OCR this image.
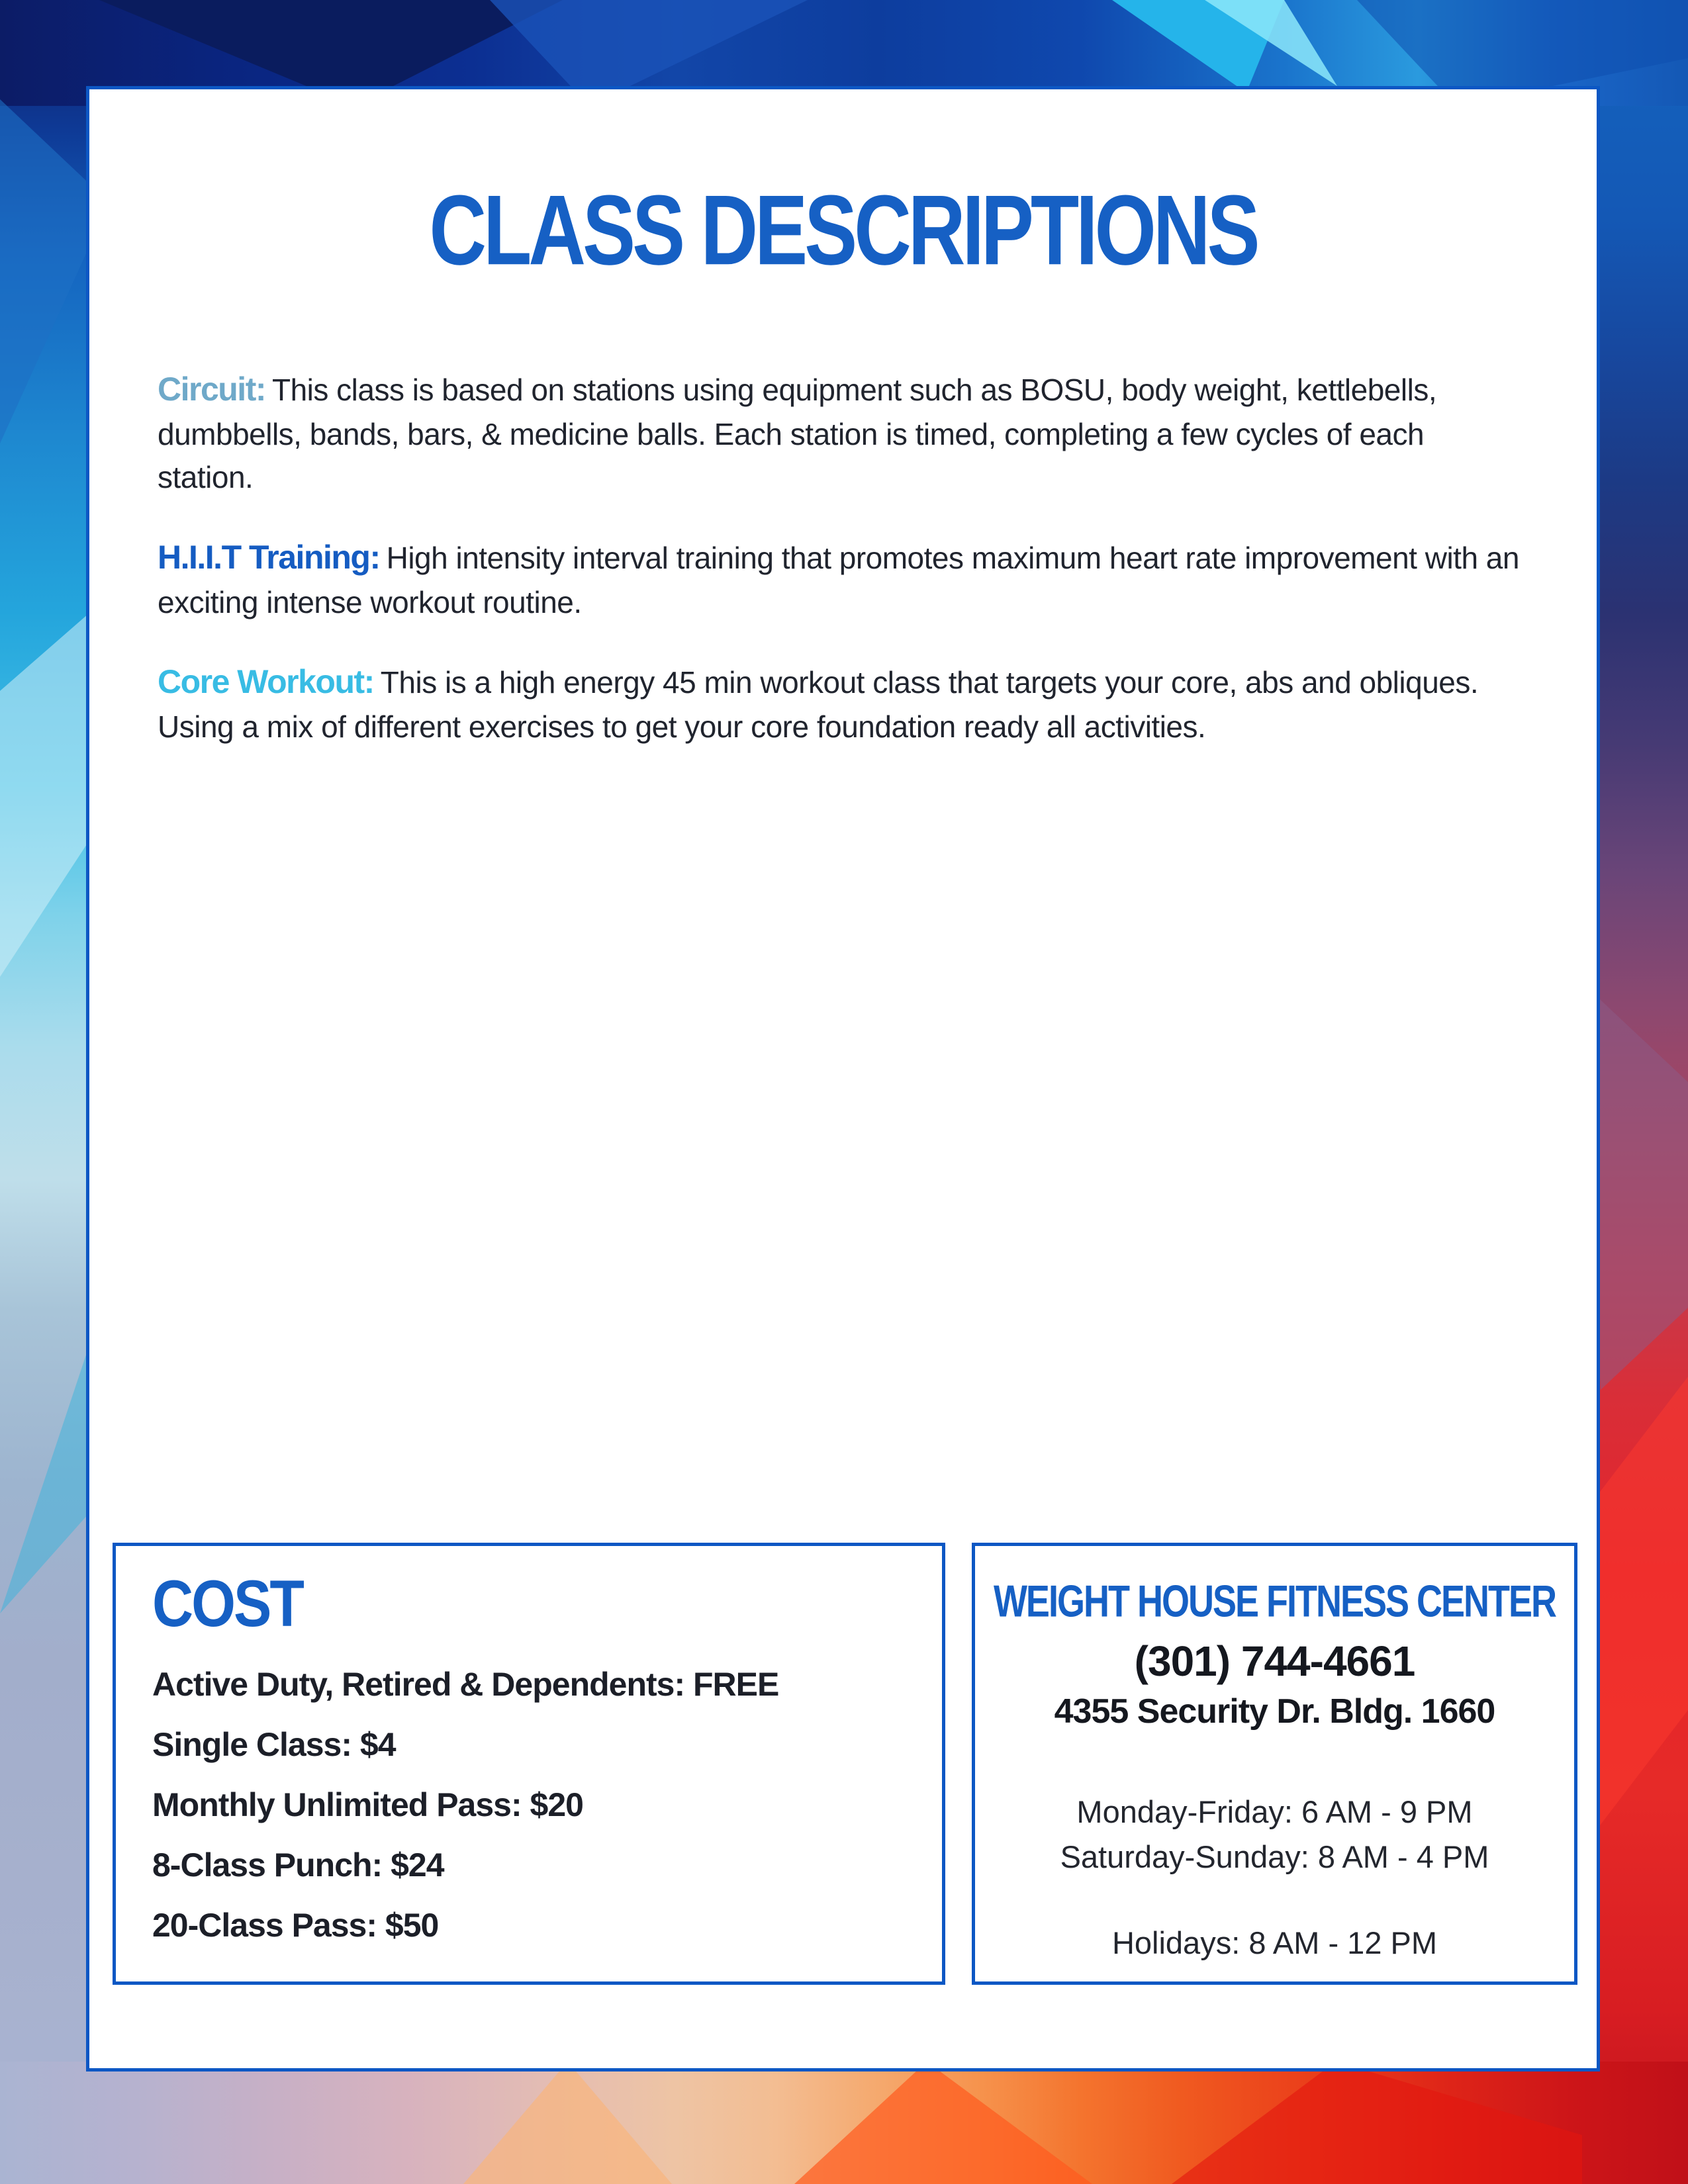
CLASS DESCRIPTIONS

Circuit: This class is based on stations using equipment such as BOSU, body weight, kettlebells, dumbbells, bands, bars, & medicine balls. Each station is timed, completing a few cycles of each station.

H.I.I.T Training: High intensity interval training that promotes maximum heart rate improvement with an exciting intense workout routine.

Core Workout: This is a high energy 45 min workout class that targets your core, abs and obliques. Using a mix of different exercises to get your core foundation ready all activities.

COST
Active Duty, Retired & Dependents: FREE
Single Class: $4
Monthly Unlimited Pass: $20
8-Class Punch: $24
20-Class Pass: $50
WEIGHT HOUSE FITNESS CENTER
(301) 744-4661
4355 Security Dr. Bldg. 1660
Monday-Friday: 6 AM - 9 PM
Saturday-Sunday: 8 AM - 4 PM
Holidays: 8 AM - 12 PM
